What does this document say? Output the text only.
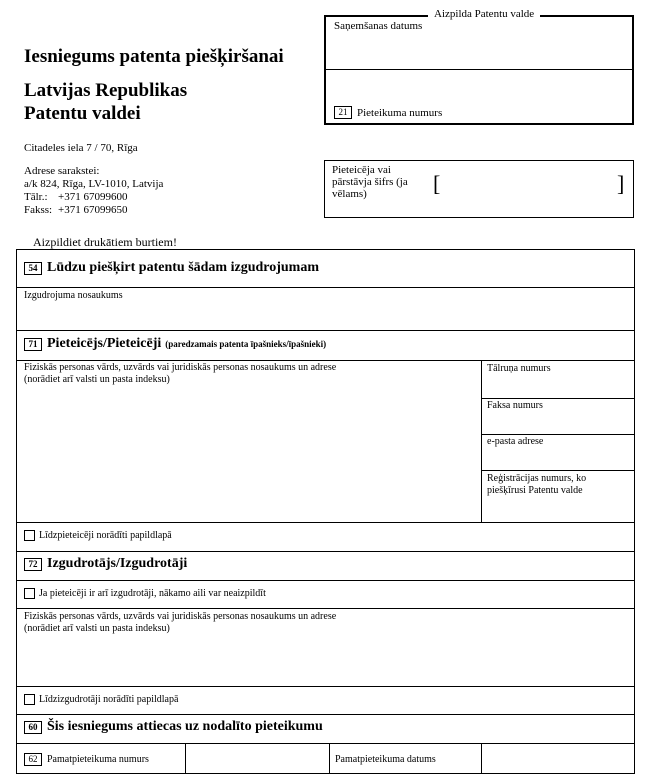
Iesniegums patenta piešķiršanai
Latvijas Republikas
Patentu valdei
Citadeles iela 7 / 70, Rīga
Adrese sarakstei:
a/k 824, Rīga, LV-1010, Latvija
Tālr.: +371 67099600
Fakss: +371 67099650
Aizpilda Patentu valde
Saņemšanas datums
21 Pieteikuma numurs
Pieteicēja vai pārstāvja šifrs (ja vēlams)	[	]
Aizpildiet drukātiem burtiem!
54 Lūdzu piešķirt patentu šādam izgudrojumam
Izgudrojuma nosaukums
71 Pieteicējs/Pieteicēji (paredzamais patenta īpašnieks/īpašnieki)
Fiziskās personas vārds, uzvārds vai juridiskās personas nosaukums un adrese (norādiet arī valsti un pasta indeksu)
Tālruņa numurs
Faksa numurs
e-pasta adrese
Reģistrācijas numurs, ko piešķīrusi Patentu valde
Līdzpieteicēji norādīti papildlapā
72 Izgudrotājs/Izgudrotāji
Ja pieteicēji ir arī izgudrotāji, nākamo aili var neaizpildīt
Fiziskās personas vārds, uzvārds vai juridiskās personas nosaukums un adrese (norādiet arī valsti un pasta indeksu)
Līdzizgudrotāji norādīti papildlapā
60 Šis iesniegums attiecas uz nodalīto pieteikumu
62 Pamatpieteikuma numurs	Pamatpieteikuma datums
